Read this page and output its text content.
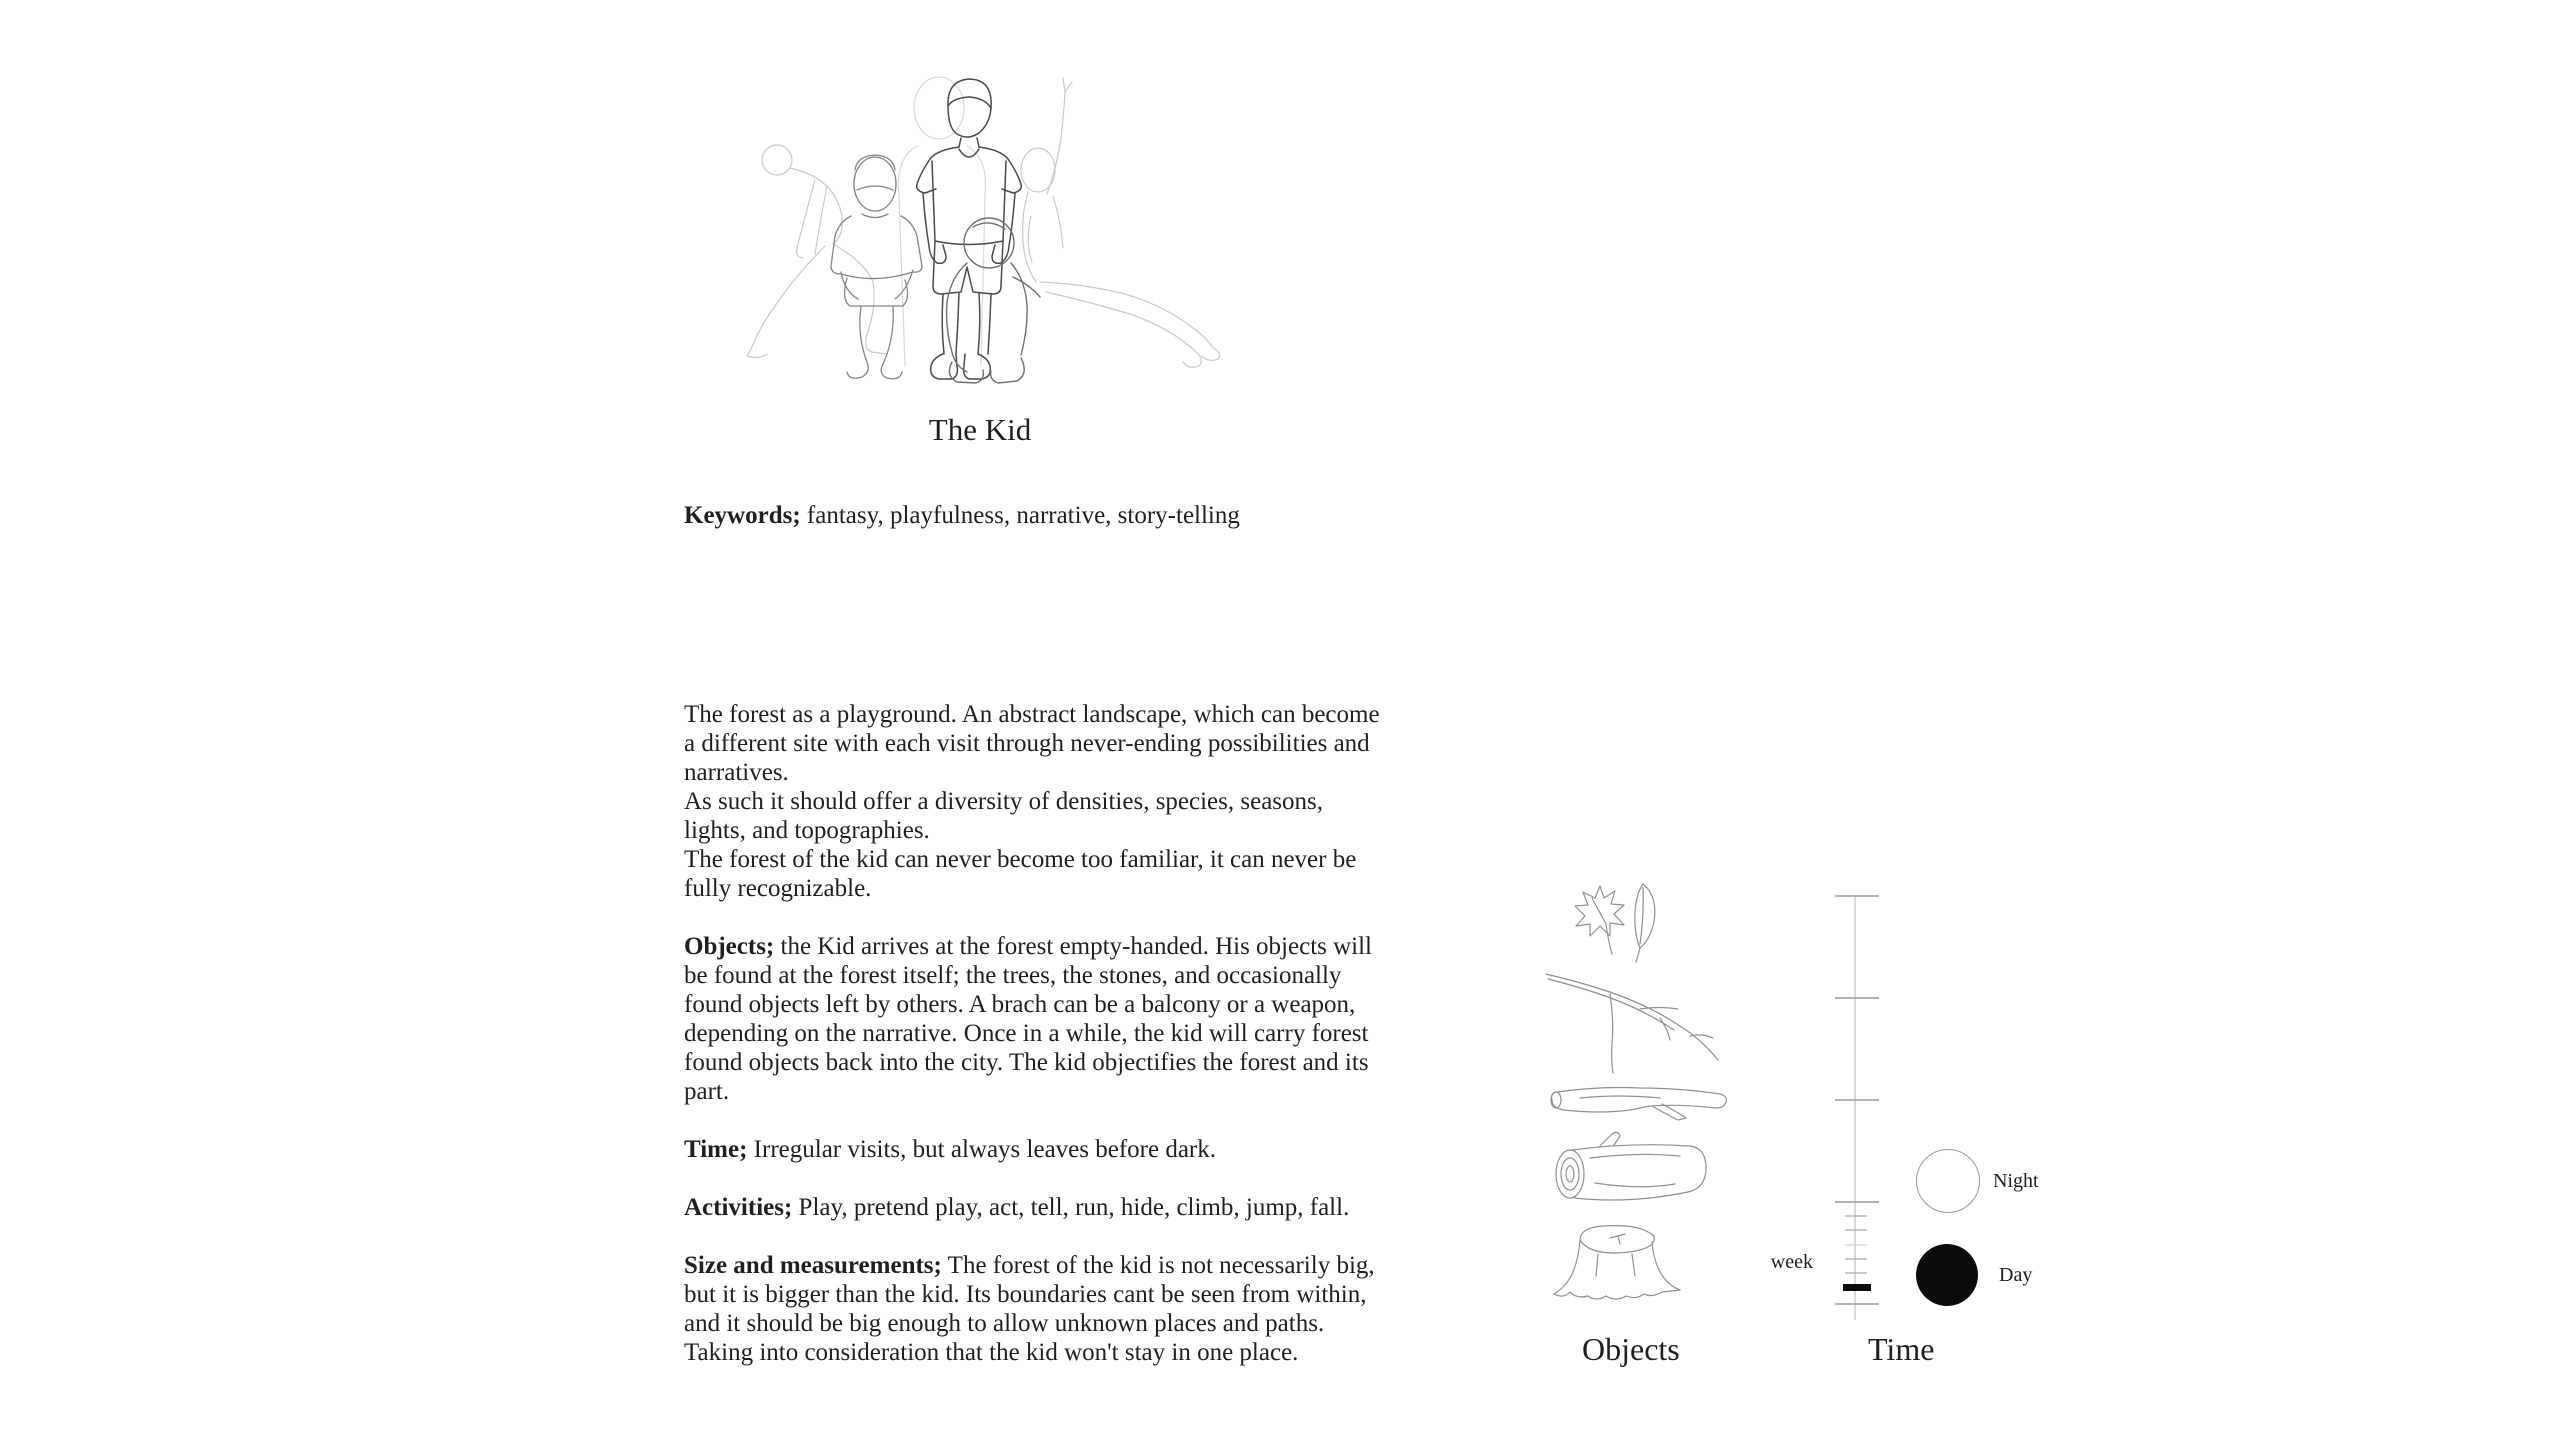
The Kid
Keywords; fantasy, playfulness, narrative, story-telling
The forest as a playground. An abstract landscape, which can become
a different site with each visit through never-ending possibilities and
narratives.
As such it should offer a diversity of densities, species, seasons,
lights, and topographies.
The forest of the kid can never become too familiar, it can never be
fully recognizable.
Objects; the Kid arrives at the forest empty-handed. His objects will
be found at the forest itself; the trees, the stones, and occasionally
found objects left by others. A brach can be a balcony or a weapon,
depending on the narrative. Once in a while, the kid will carry forest
found objects back into the city. The kid objectifies the forest and its
part.
Time; Irregular visits, but always leaves before dark.
Activities; Play, pretend play, act, tell, run, hide, climb, jump, fall.
Size and measurements; The forest of the kid is not necessarily big,
but it is bigger than the kid. Its boundaries cant be seen from within,
and it should be big enough to allow unknown places and paths.
Taking into consideration that the kid won't stay in one place.
week
Night
Day
Objects	Time
